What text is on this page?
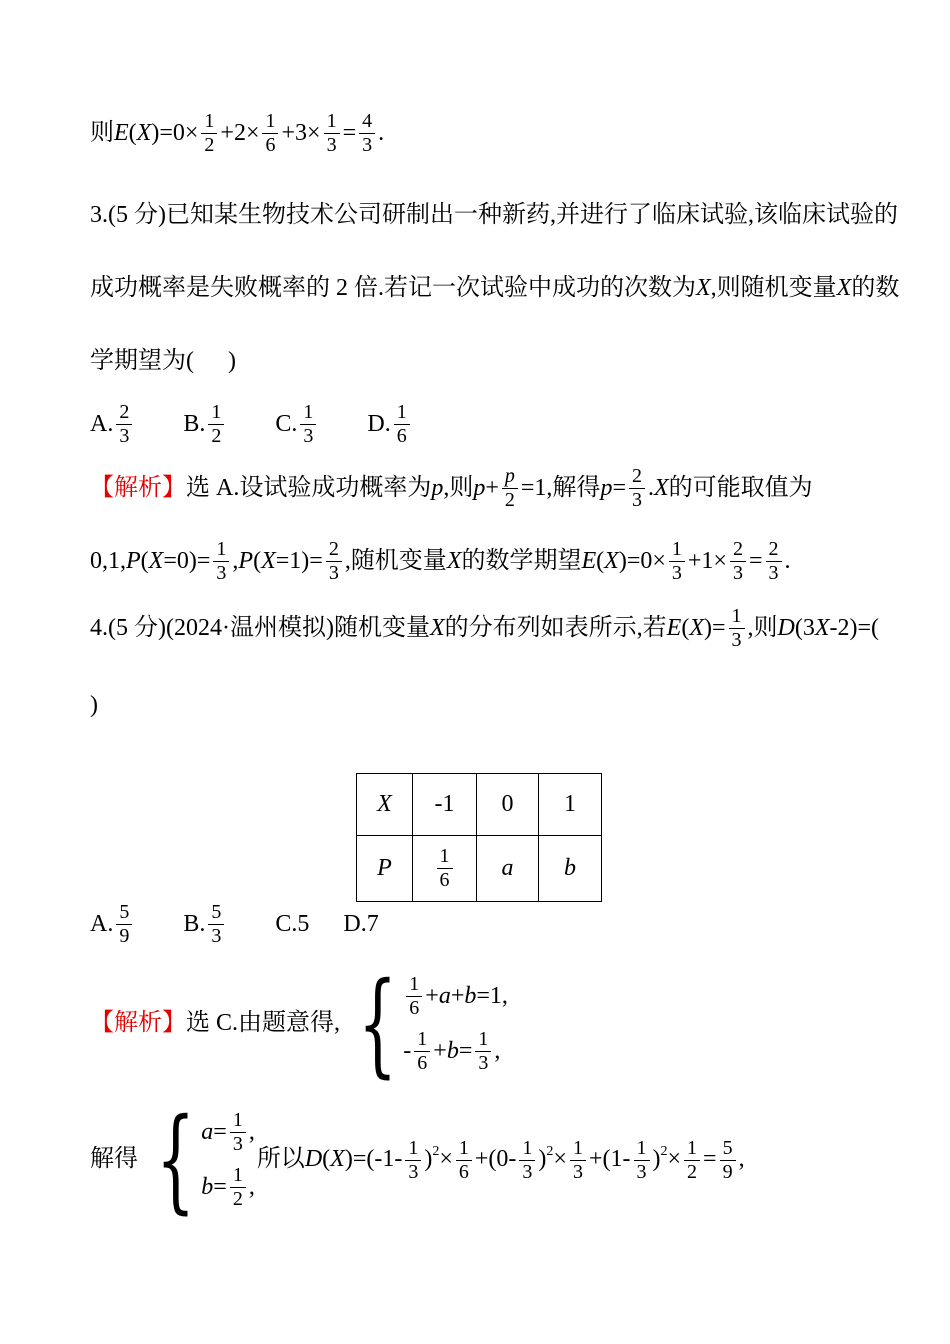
则 E ( X )$=0\times \frac{1}{2} +2\times \frac{1}{6} +3\times \frac{1}{3} = \frac{4}{3}$ .
3.(5 分)已知某生物技术公司研制出一种新药,并进行了临床试验,该临床试验的
成功概率是失败概率的 2 倍.若记一次试验中成功的次数为 X ,则随机变量 X 的数
学期望为( )
A. $\frac{2}{3} B$. $\frac{1}{2} C$. $\frac{1}{3} D$. $\frac{1}{6}$
【解析】 选 A.设试验成功概率为 p ,则 $p + \frac{p}{2} =1$,解得 $p = \frac{2}{3}$ . X 的可能取值为
0,1, P ( $X =0)= \frac{1}{3}$ , P ( $X =1)= \frac{2}{3}$ ,随机变量 X 的数学期望 E ( X )$=0\times \frac{1}{3} +1\times \frac{2}{3} = \frac{2}{3}$ .
4.(5 分)(2024·温州模拟)随机变量 X 的分布列如表所示,若 E ( X )= $\frac{1}{3}$ ,则 D (3 X -2)=(
)
X	-1	0	1
P	$\frac{1}{6}$	a	b
A. $\frac{5}{9} B$. $\frac{5}{3} C.5$ D.7
【解析】 选 C.由题意得, { $\frac{1}{6} + a + b =1$,
- $\frac{1}{6} + b = \frac{1}{3}$ ,
解得 { $a = \frac{1}{3}$ ,
$b = \frac{1}{2}$ ,
所以 D ( X )= ($-1- \frac{1}{3}$ ) $2 \times \frac{1}{6} +(0- \frac{1}{3}$ ) $2 \times \frac{1}{3} +(1- \frac{1}{3}$ ) $2 \times \frac{1}{2} = \frac{5}{9}$ ,
